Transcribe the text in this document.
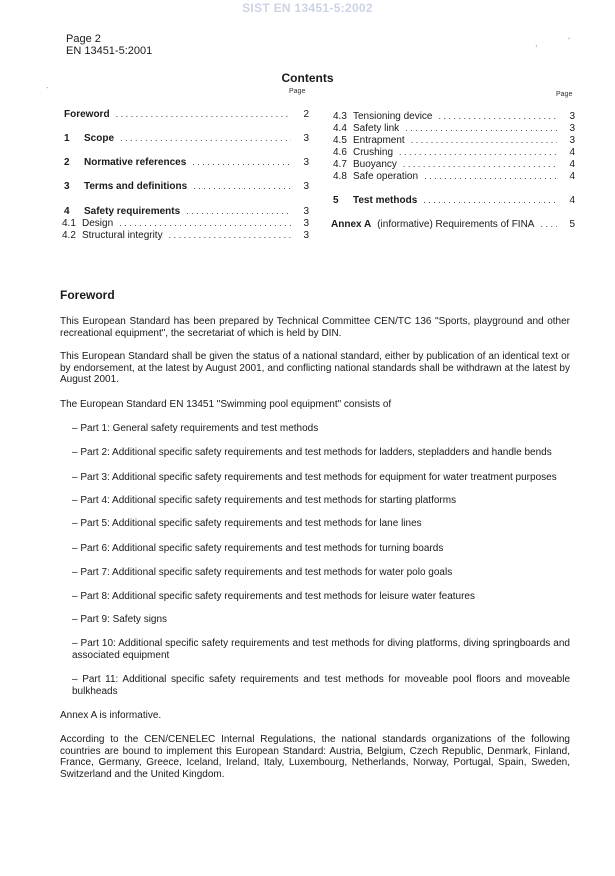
SIST EN 13451-5:2002
Page 2
EN 13451-5:2001
,	'
`
Contents
Page	Page
Foreword . . .	2
1	Scope . . .	3
2	Normative references . . .	3
3	Terms and definitions . . .	3
4	Safety requirements . . .	3
4.1 Design . . .	3
4.2 Structural integrity . . .	3
4.3 Tensioning device . . .	3
4.4 Safety link . . .	3
4.5 Entrapment . . .	3
4.6 Crushing . . .	4
4.7 Buoyancy . . .	4
4.8 Safe operation . . .	4
5	Test methods . . .	4
Annex A (informative) Requirements of FINA . . .	5
Foreword
This European Standard has been prepared by Technical Committee CEN/TC 136 "Sports, playground and other recreational equipment", the secretariat of which is held by DIN.
This European Standard shall be given the status of a national standard, either by publication of an identical text or by endorsement, at the latest by August 2001, and conflicting national standards shall be withdrawn at the latest by August 2001.
The European Standard EN 13451 "Swimming pool equipment" consists of
– Part 1: General safety requirements and test methods
– Part 2: Additional specific safety requirements and test methods for ladders, stepladders and handle bends
– Part 3: Additional specific safety requirements and test methods for equipment for water treatment purposes
– Part 4: Additional specific safety requirements and test methods for starting platforms
– Part 5: Additional specific safety requirements and test methods for lane lines
– Part 6: Additional specific safety requirements and test methods for turning boards
– Part 7: Additional specific safety requirements and test methods for water polo goals
– Part 8: Additional specific safety requirements and test methods for leisure water features
– Part 9: Safety signs
– Part 10: Additional specific safety requirements and test methods for diving platforms, diving springboards and associated equipment
– Part 11: Additional specific safety requirements and test methods for moveable pool floors and moveable bulkheads
Annex A is informative.
According to the CEN/CENELEC Internal Regulations, the national standards organizations of the following countries are bound to implement this European Standard: Austria, Belgium, Czech Republic, Denmark, Finland, France, Germany, Greece, Iceland, Ireland, Italy, Luxembourg, Netherlands, Norway, Portugal, Spain, Sweden, Switzerland and the United Kingdom.
